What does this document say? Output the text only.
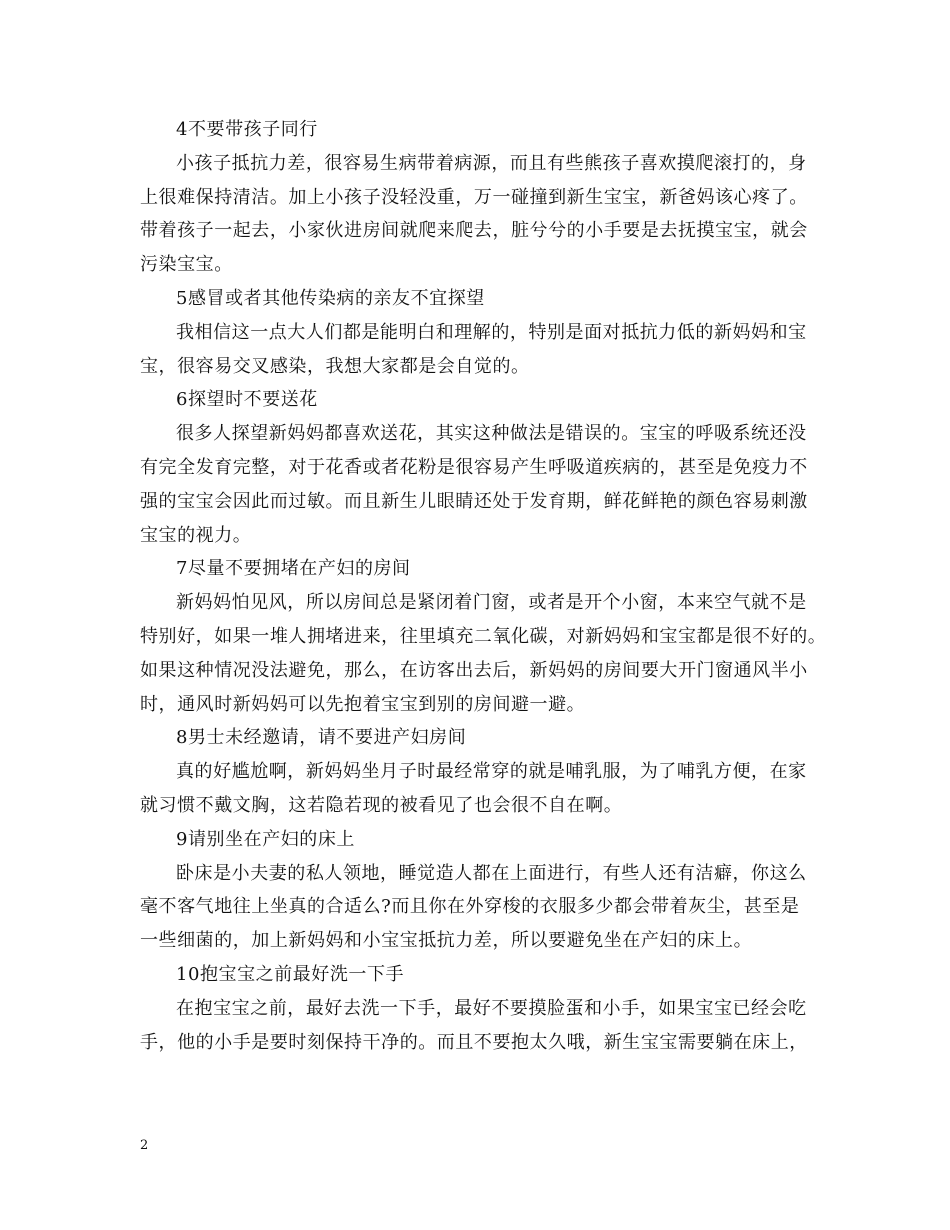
4不要带孩子同行
小孩子抵抗力差，很容易生病带着病源，而且有些熊孩子喜欢摸爬滚打的，身
上很难保持清洁。加上小孩子没轻没重，万一碰撞到新生宝宝，新爸妈该心疼了。
带着孩子一起去，小家伙进房间就爬来爬去，脏兮兮的小手要是去抚摸宝宝，就会
污染宝宝。
5感冒或者其他传染病的亲友不宜探望
我相信这一点大人们都是能明白和理解的，特别是面对抵抗力低的新妈妈和宝
宝，很容易交叉感染，我想大家都是会自觉的。
6探望时不要送花
很多人探望新妈妈都喜欢送花，其实这种做法是错误的。宝宝的呼吸系统还没
有完全发育完整，对于花香或者花粉是很容易产生呼吸道疾病的，甚至是免疫力不
强的宝宝会因此而过敏。而且新生儿眼睛还处于发育期，鲜花鲜艳的颜色容易刺激
宝宝的视力。
7尽量不要拥堵在产妇的房间
新妈妈怕见风，所以房间总是紧闭着门窗，或者是开个小窗，本来空气就不是
特别好，如果一堆人拥堵进来，往里填充二氧化碳，对新妈妈和宝宝都是很不好的。
如果这种情况没法避免，那么，在访客出去后，新妈妈的房间要大开门窗通风半小
时，通风时新妈妈可以先抱着宝宝到别的房间避一避。
8男士未经邀请，请不要进产妇房间
真的好尴尬啊，新妈妈坐月子时最经常穿的就是哺乳服，为了哺乳方便，在家
就习惯不戴文胸，这若隐若现的被看见了也会很不自在啊。
9请别坐在产妇的床上
卧床是小夫妻的私人领地，睡觉造人都在上面进行，有些人还有洁癖，你这么
毫不客气地往上坐真的合适么?而且你在外穿梭的衣服多少都会带着灰尘，甚至是
一些细菌的，加上新妈妈和小宝宝抵抗力差，所以要避免坐在产妇的床上。
10抱宝宝之前最好洗一下手
在抱宝宝之前，最好去洗一下手，最好不要摸脸蛋和小手，如果宝宝已经会吃
手，他的小手是要时刻保持干净的。而且不要抱太久哦，新生宝宝需要躺在床上，
2
